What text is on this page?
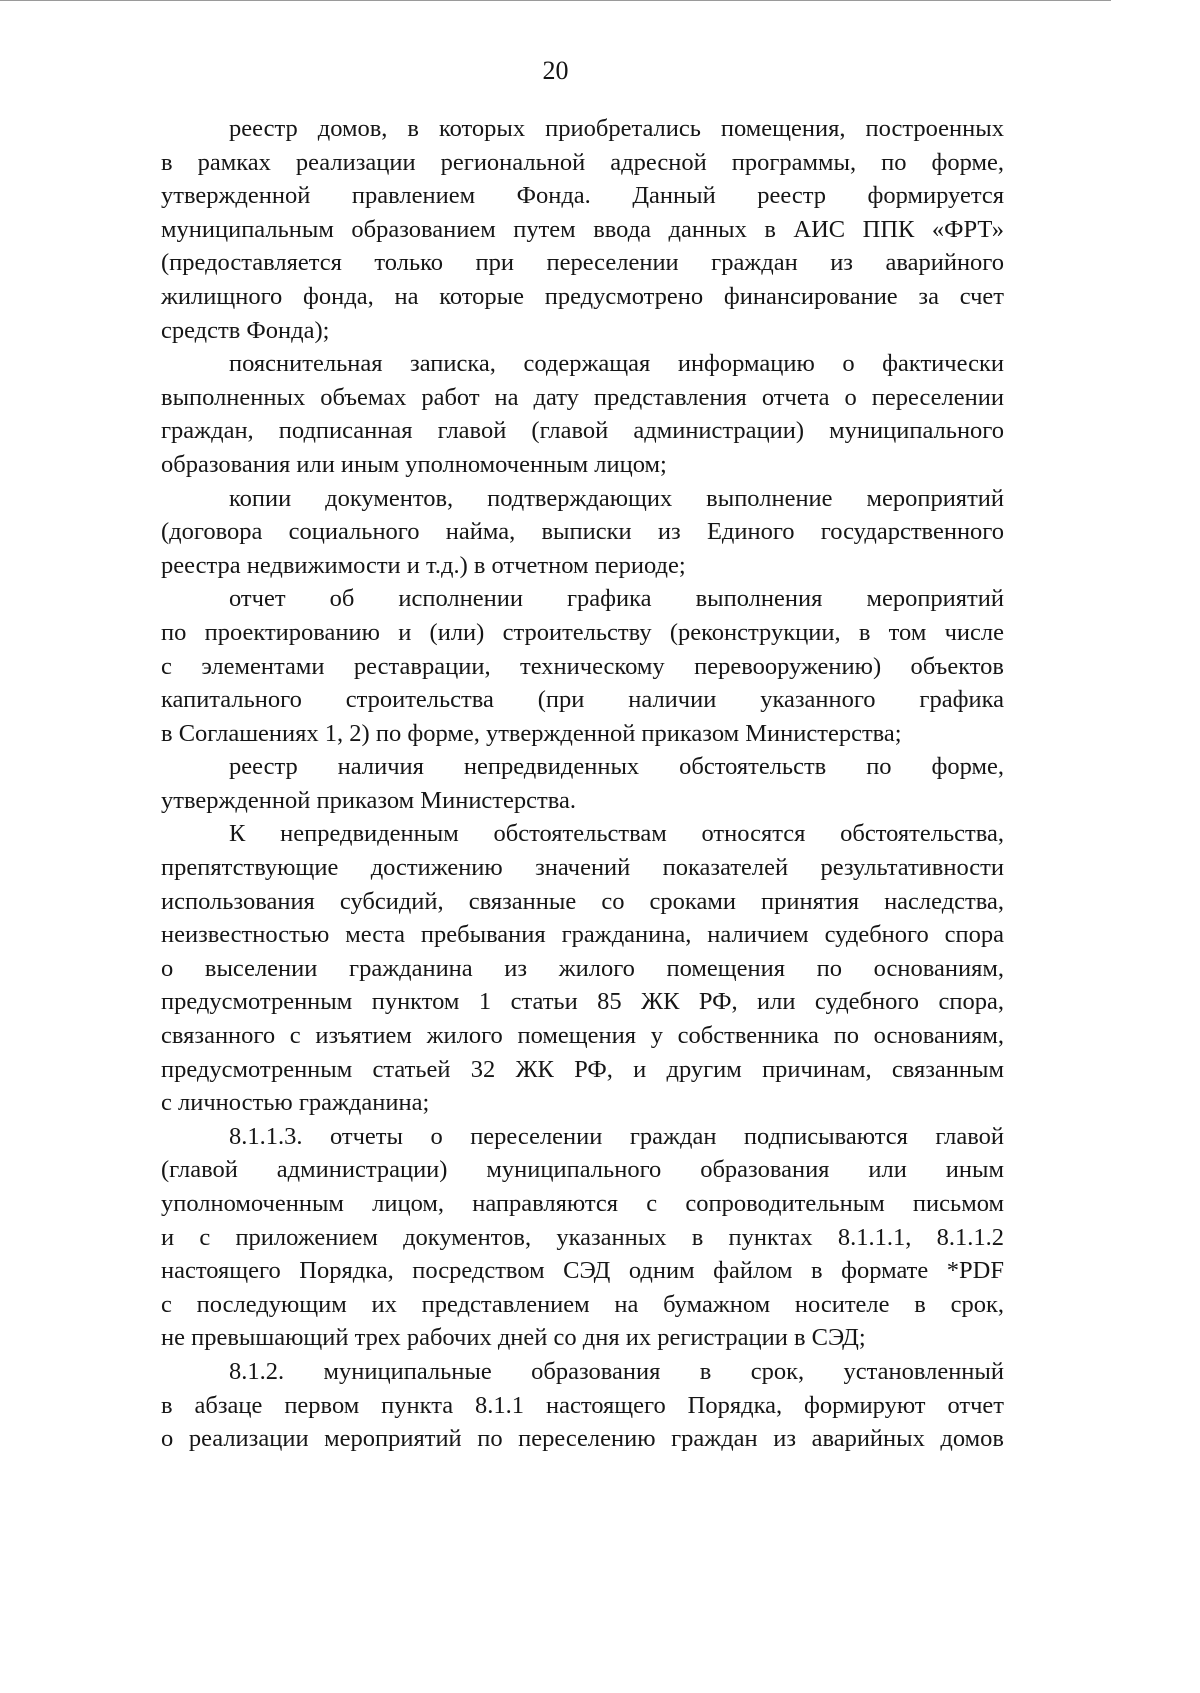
20

реестр домов, в которых приобретались помещения, построенных
в рамках реализации региональной адресной программы, по форме,
утвержденной правлением Фонда. Данный реестр формируется
муниципальным образованием путем ввода данных в АИС ППК «ФРТ»
(предоставляется только при переселении граждан из аварийного
жилищного фонда, на которые предусмотрено финансирование за счет
средств Фонда);

пояснительная записка, содержащая информацию о фактически
выполненных объемах работ на дату представления отчета о переселении
граждан, подписанная главой (главой администрации) муниципального
образования или иным уполномоченным лицом;

копии документов, подтверждающих выполнение мероприятий
(договора социального найма, выписки из Единого государственного
реестра недвижимости и т.д.) в отчетном периоде;

отчет об исполнении графика выполнения мероприятий
по проектированию и (или) строительству (реконструкции, в том числе
с элементами реставрации, техническому перевооружению) объектов
капитального строительства (при наличии указанного графика
в Соглашениях 1, 2) по форме, утвержденной приказом Министерства;

реестр наличия непредвиденных обстоятельств по форме,
утвержденной приказом Министерства.

К непредвиденным обстоятельствам относятся обстоятельства,
препятствующие достижению значений показателей результативности
использования субсидий, связанные со сроками принятия наследства,
неизвестностью места пребывания гражданина, наличием судебного спора
о выселении гражданина из жилого помещения по основаниям,
предусмотренным пунктом 1 статьи 85 ЖК РФ, или судебного спора,
связанного с изъятием жилого помещения у собственника по основаниям,
предусмотренным статьей 32 ЖК РФ, и другим причинам, связанным
с личностью гражданина;

8.1.1.3. отчеты о переселении граждан подписываются главой
(главой администрации) муниципального образования или иным
уполномоченным лицом, направляются с сопроводительным письмом
и с приложением документов, указанных в пунктах 8.1.1.1, 8.1.1.2
настоящего Порядка, посредством СЭД одним файлом в формате *PDF
с последующим их представлением на бумажном носителе в срок,
не превышающий трех рабочих дней со дня их регистрации в СЭД;

8.1.2. муниципальные образования в срок, установленный
в абзаце первом пункта 8.1.1 настоящего Порядка, формируют отчет
о реализации мероприятий по переселению граждан из аварийных домов
